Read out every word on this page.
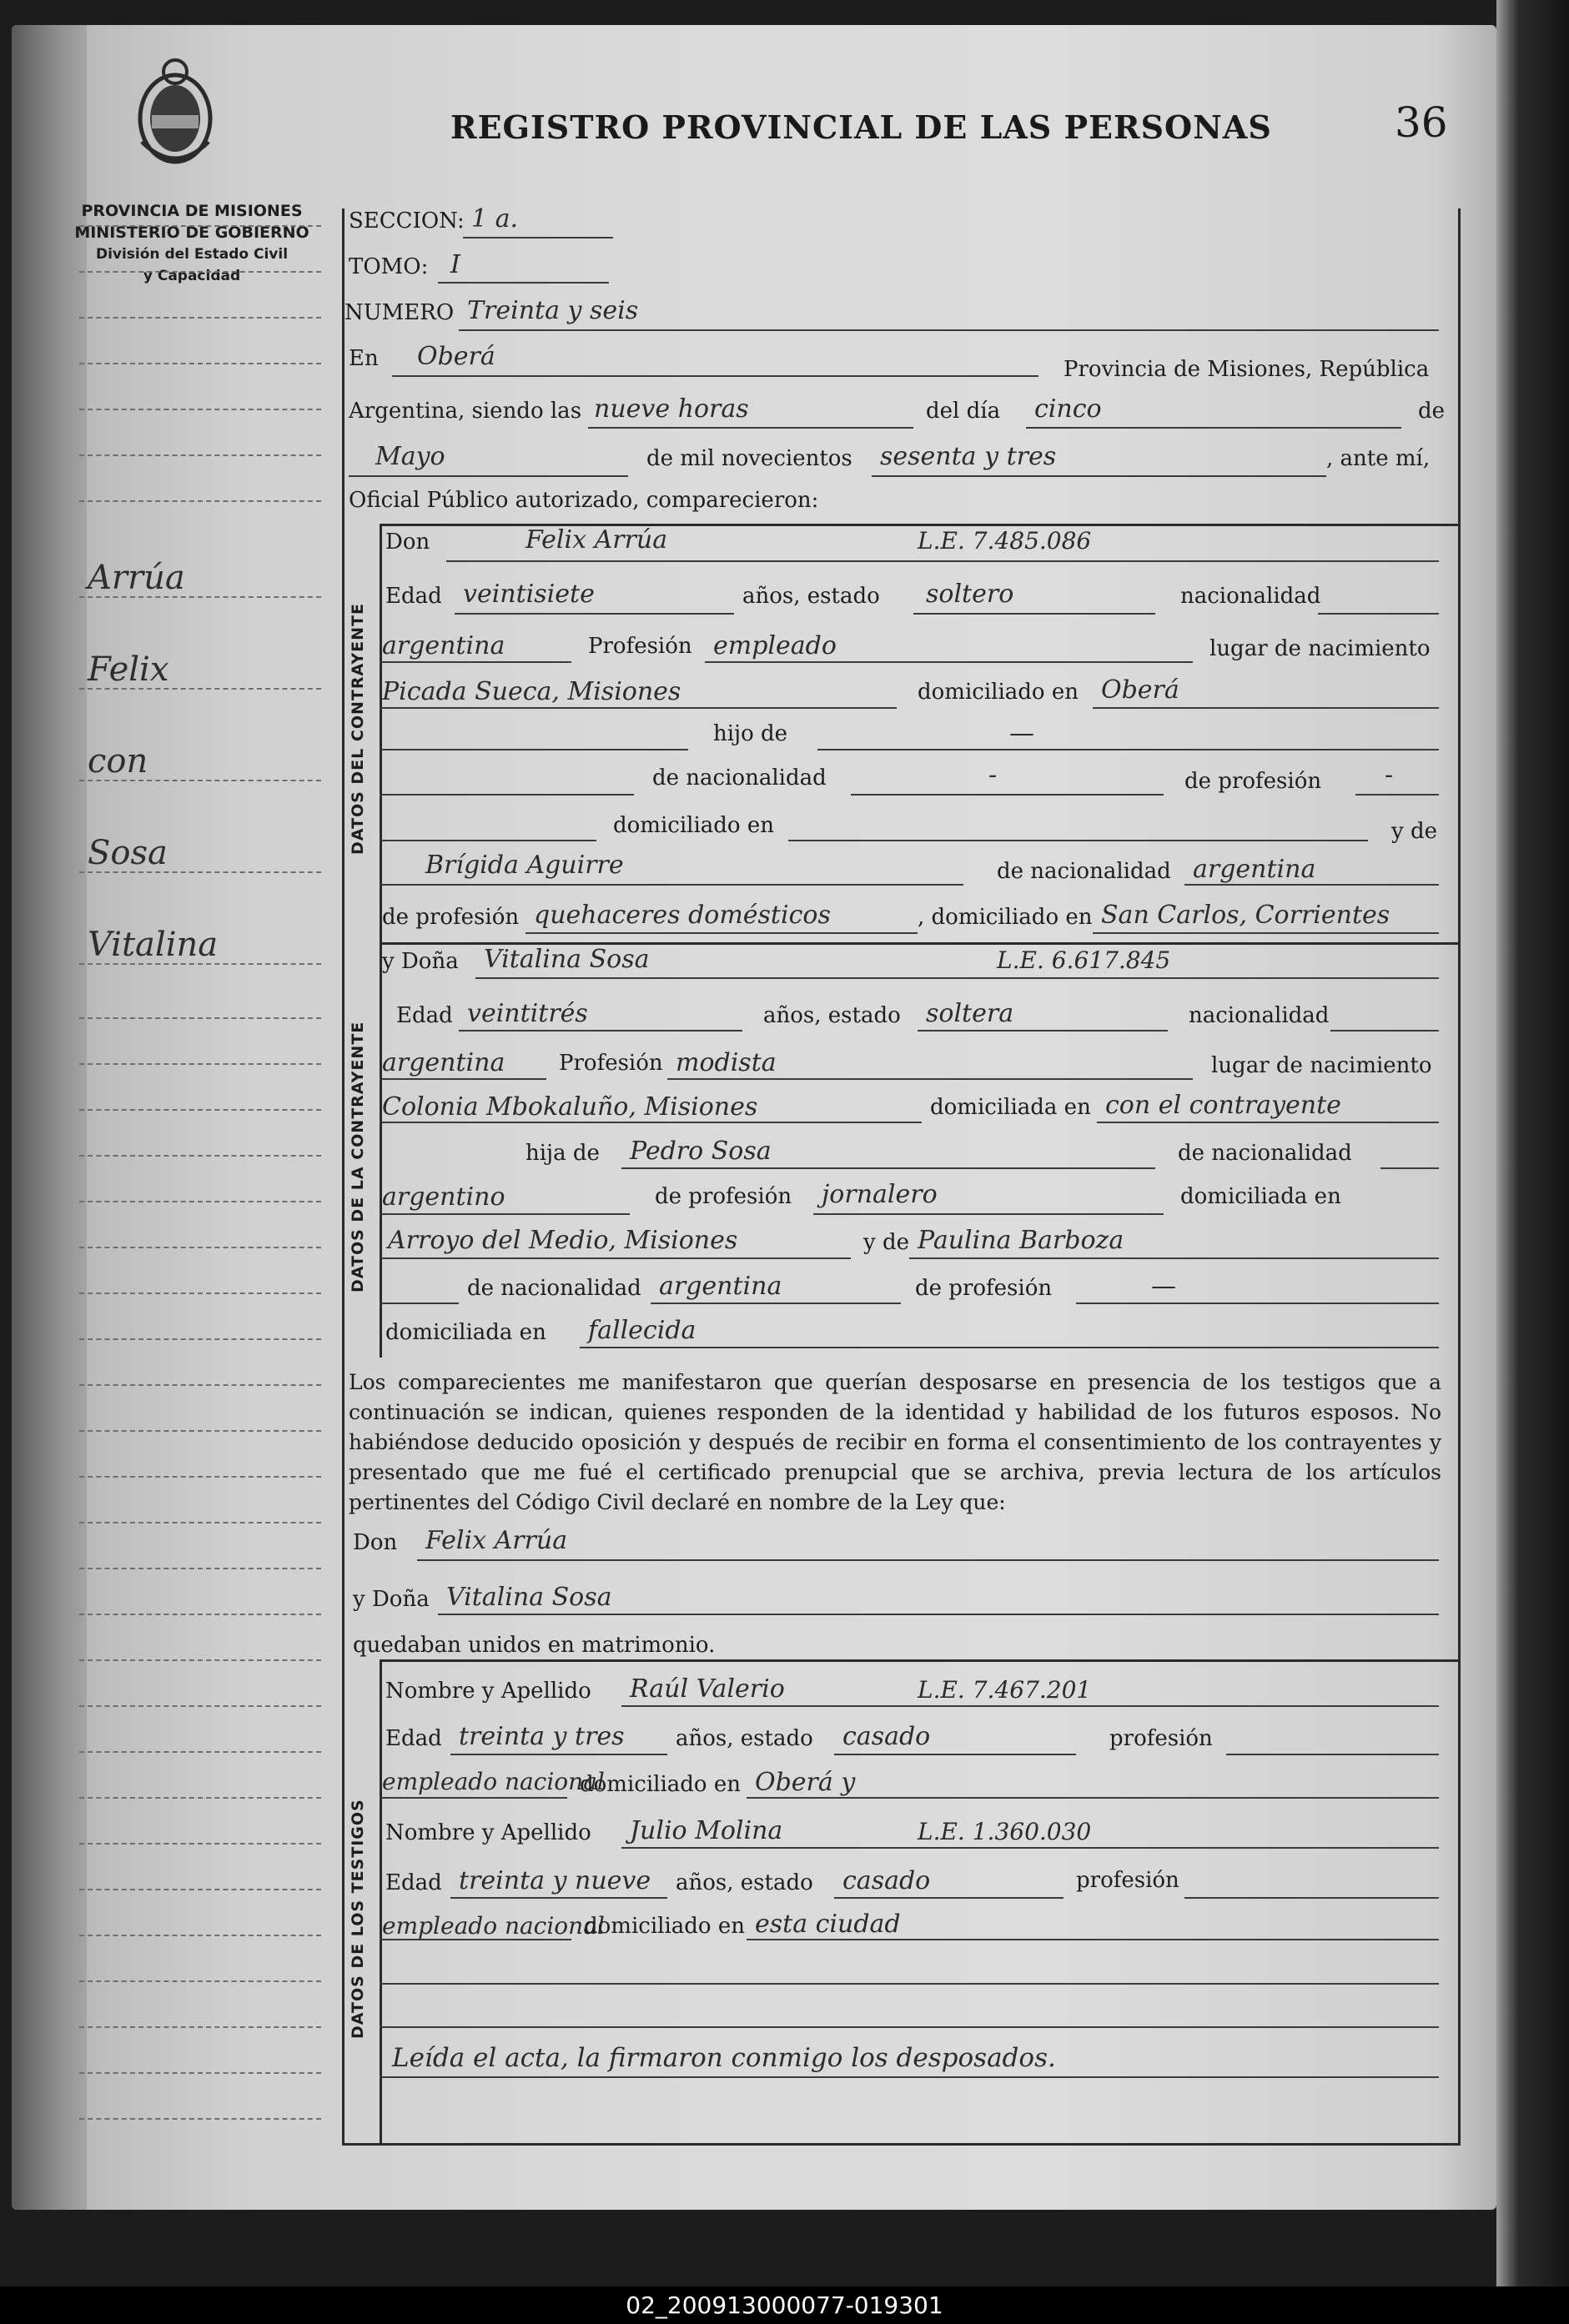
PROVINCIA DE MISIONES
MINISTERIO DE GOBIERNO
División del Estado Civil
y Capacidad
REGISTRO PROVINCIAL DE LAS PERSONAS	36
Arrúa
Felix
con
Sosa
Vitalina
SECCION: 1 a.
TOMO: I
NUMERO Treinta y seis
En Oberá	Provincia de Misiones, República
Argentina, siendo las nueve horas	del día cinco	de
Mayo	de mil novecientos sesenta y tres	, ante mí,
Oficial Público autorizado, comparecieron:
DATOS DEL CONTRAYENTE
Don	Felix Arrúa	L.E. 7.485.086
Edad veintisiete	años, estado soltero	nacionalidad
argentina	Profesión empleado	lugar de nacimiento
Picada Sueca, Misiones	domiciliado en Oberá
hijo de	—
de nacionalidad	-	de profesión	-
domiciliado en	y de
Brígida Aguirre	de nacionalidad argentina
de profesión quehaceres domésticos	, domiciliado en San Carlos, Corrientes
DATOS DE LA CONTRAYENTE
y Doña Vitalina Sosa	L.E. 6.617.845
Edad veintitrés	años, estado soltera	nacionalidad
argentina Profesión modista	lugar de nacimiento
Colonia Mbokaluño, Misiones	domiciliada en con el contrayente
hija de Pedro Sosa	de nacionalidad
argentino	de profesión jornalero	domiciliada en
Arroyo del Medio, Misiones	y de Paulina Barboza
de nacionalidad argentina	de profesión	—
domiciliada en fallecida
Los comparecientes me manifestaron que querían desposarse en presencia de los testigos que a continuación se indican, quienes responden de la identidad y habilidad de los futuros esposos. No habiéndose deducido oposición y después de recibir en forma el consentimiento de los contrayentes y presentado que me fué el certificado prenupcial que se archiva, previa lectura de los artículos pertinentes del Código Civil declaré en nombre de la Ley que:
Don Felix Arrúa
y Doña Vitalina Sosa
quedaban unidos en matrimonio.
DATOS DE LOS TESTIGOS
Nombre y Apellido Raúl Valerio	L.E. 7.467.201
Edad treinta y tres años, estado casado	profesión
empleado nacional
domiciliado en Oberá y
Nombre y Apellido Julio Molina	L.E. 1.360.030
Edad treinta y nueve años, estado casado	profesión
empleado nacional
domiciliado en esta ciudad
Leída el acta, la firmaron conmigo los desposados.
02_200913000077-019301
